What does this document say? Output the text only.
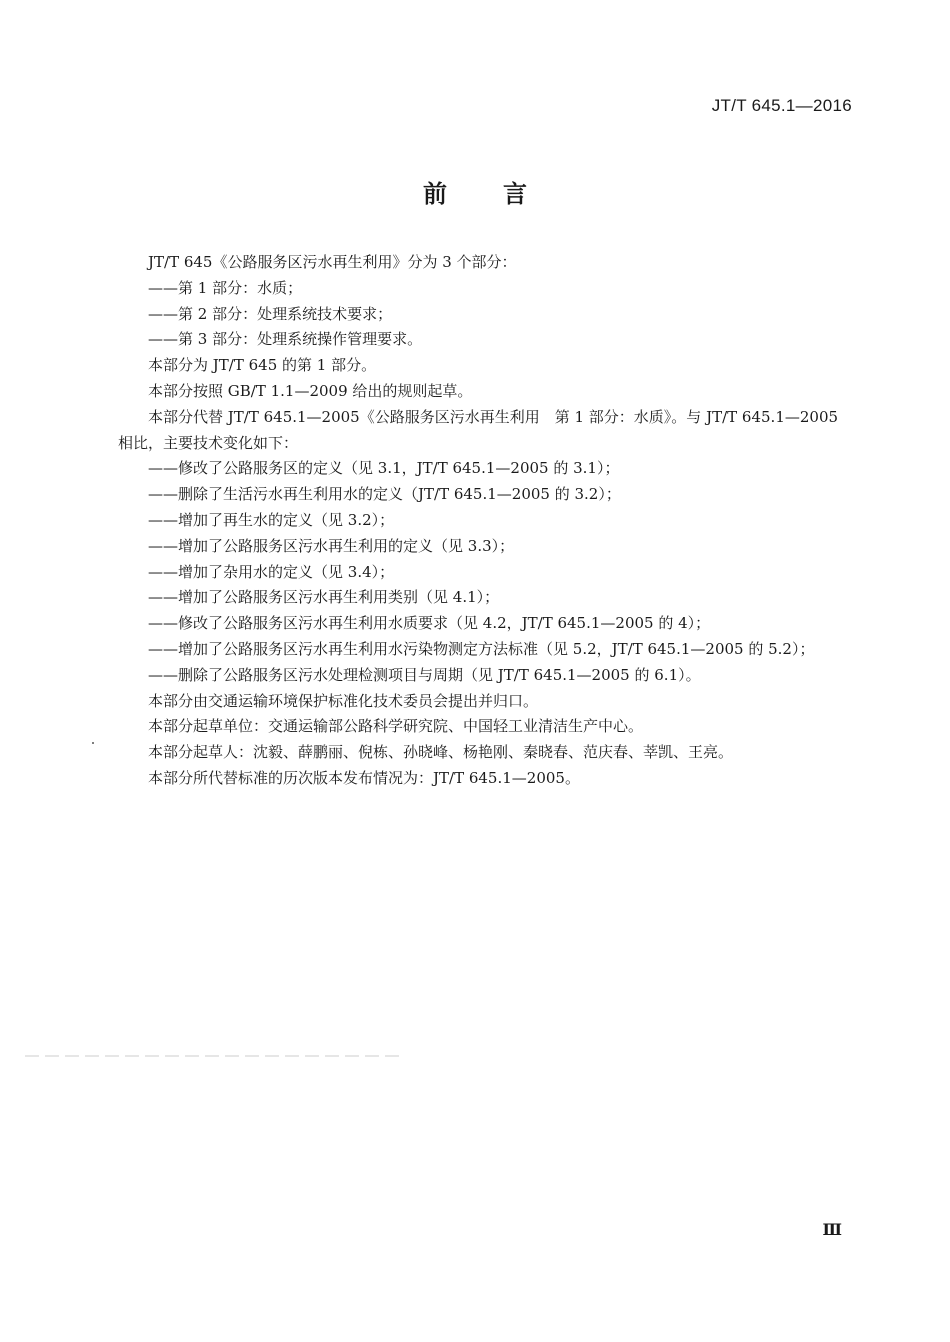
JT/T 645.1—2016
前言

JT/T 645《公路服务区污水再生利用》分为 3 个部分：

——第 1 部分：水质；

——第 2 部分：处理系统技术要求；

——第 3 部分：处理系统操作管理要求。

本部分为 JT/T 645 的第 1 部分。

本部分按照 GB/T 1.1—2009 给出的规则起草。

本部分代替 JT/T 645.1—2005《公路服务区污水再生利用　第 1 部分：水质》。与 JT/T 645.1—2005 相比，主要技术变化如下：

——修改了公路服务区的定义（见 3.1，JT/T 645.1—2005 的 3.1）；

——删除了生活污水再生利用水的定义（JT/T 645.1—2005 的 3.2）；

——增加了再生水的定义（见 3.2）；

——增加了公路服务区污水再生利用的定义（见 3.3）；

——增加了杂用水的定义（见 3.4）；

——增加了公路服务区污水再生利用类别（见 4.1）；

——修改了公路服务区污水再生利用水质要求（见 4.2，JT/T 645.1—2005 的 4）；

——增加了公路服务区污水再生利用水污染物测定方法标准（见 5.2，JT/T 645.1—2005 的 5.2）；

——删除了公路服务区污水处理检测项目与周期（见 JT/T 645.1—2005 的 6.1）。

本部分由交通运输环境保护标准化技术委员会提出并归口。

本部分起草单位：交通运输部公路科学研究院、中国轻工业清洁生产中心。

本部分起草人：沈毅、薛鹏丽、倪栋、孙晓峰、杨艳刚、秦晓春、范庆春、莘凯、王亮。

本部分所代替标准的历次版本发布情况为：JT/T 645.1—2005。

Ⅲ
